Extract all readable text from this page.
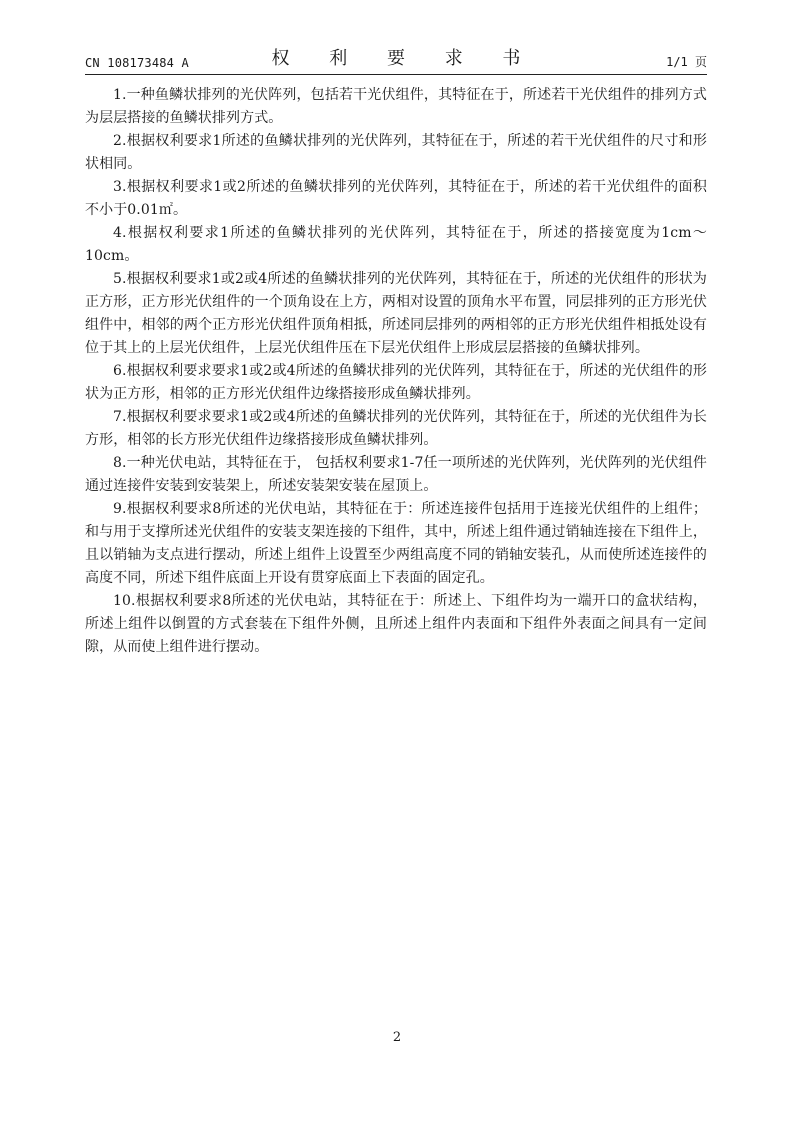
CN 108173484 A	权 利 要 求 书	1/1 页
1.一种鱼鳞状排列的光伏阵列，包括若干光伏组件，其特征在于，所述若干光伏组件的排列方式为层层搭接的鱼鳞状排列方式。
2.根据权利要求1所述的鱼鳞状排列的光伏阵列，其特征在于，所述的若干光伏组件的尺寸和形状相同。
3.根据权利要求1或2所述的鱼鳞状排列的光伏阵列，其特征在于，所述的若干光伏组件的面积不小于0.01㎡。
4.根据权利要求1所述的鱼鳞状排列的光伏阵列，其特征在于，所述的搭接宽度为1cm～10cm。
5.根据权利要求1或2或4所述的鱼鳞状排列的光伏阵列，其特征在于，所述的光伏组件的形状为正方形，正方形光伏组件的一个顶角设在上方，两相对设置的顶角水平布置，同层排列的正方形光伏组件中，相邻的两个正方形光伏组件顶角相抵，所述同层排列的两相邻的正方形光伏组件相抵处设有位于其上的上层光伏组件，上层光伏组件压在下层光伏组件上形成层层搭接的鱼鳞状排列。
6.根据权利要求要求1或2或4所述的鱼鳞状排列的光伏阵列，其特征在于，所述的光伏组件的形状为正方形，相邻的正方形光伏组件边缘搭接形成鱼鳞状排列。
7.根据权利要求要求1或2或4所述的鱼鳞状排列的光伏阵列，其特征在于，所述的光伏组件为长方形，相邻的长方形光伏组件边缘搭接形成鱼鳞状排列。
8.一种光伏电站，其特征在于， 包括权利要求1-7任一项所述的光伏阵列，光伏阵列的光伏组件通过连接件安装到安装架上，所述安装架安装在屋顶上。
9.根据权利要求8所述的光伏电站，其特征在于：所述连接件包括用于连接光伏组件的上组件；和与用于支撑所述光伏组件的安装支架连接的下组件，其中，所述上组件通过销轴连接在下组件上，且以销轴为支点进行摆动，所述上组件上设置至少两组高度不同的销轴安装孔，从而使所述连接件的高度不同，所述下组件底面上开设有贯穿底面上下表面的固定孔。
10.根据权利要求8所述的光伏电站，其特征在于：所述上、下组件均为一端开口的盒状结构，所述上组件以倒置的方式套装在下组件外侧，且所述上组件内表面和下组件外表面之间具有一定间隙，从而使上组件进行摆动。
2
